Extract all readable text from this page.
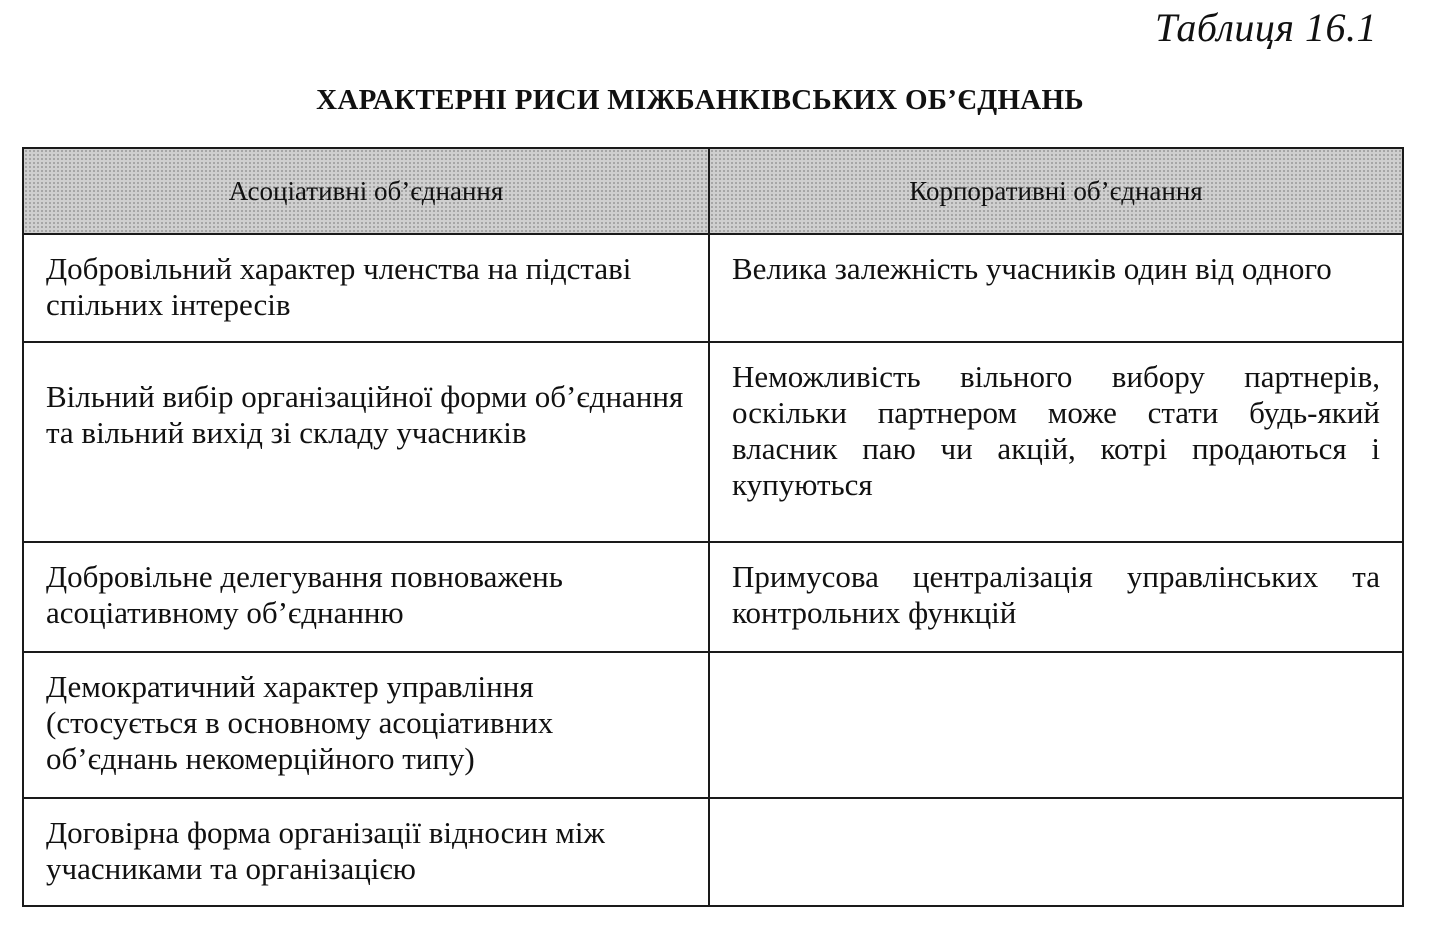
Таблиця 16.1
ХАРАКТЕРНІ РИСИ МІЖБАНКІВСЬКИХ ОБ’ЄДНАНЬ
Асоціативні об’єднання	Корпоративні об’єднання
Добровільний характер членства на підставі спільних інтересів	Велика залежність учасників один від одного
Вільний вибір організаційної форми об’єднання та вільний вихід зі складу учасників	Неможливість вільного вибору партнерів, оскільки партнером може стати будь-який власник паю чи акцій, котрі продаються і купуються
Добровільне делегування повноважень асоціативному об’єднанню	Примусова централізація управлінських та контрольних функцій
Демократичний характер управління (стосується в основному асоціативних об’єднань некомерційного типу)	
Договірна форма організації відносин між учасниками та організацією	
